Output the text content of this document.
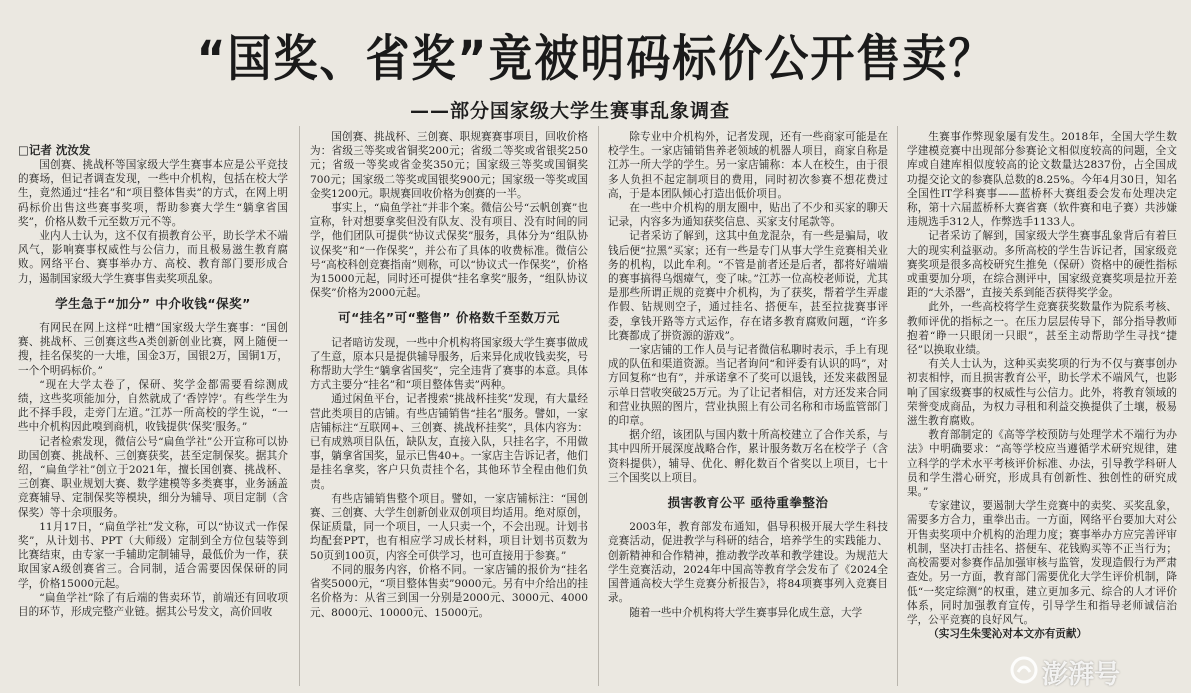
“国奖、省奖”竟被明码标价公开售卖？
——部分国家级大学生赛事乱象调查
□记者 沈汝发

国创赛、挑战杯等国家级大学生赛事本应是公平竞技的赛场，但记者调查发现，一些中介机构，包括在校大学生，竟然通过“挂名”和“项目整体售卖”的方式，在网上明码标价出售这些赛事奖项，帮助参赛大学生“躺拿省国奖”，价格从数千元至数万元不等。

业内人士认为，这不仅有损教育公平，助长学术不端风气，影响赛事权威性与公信力，而且极易滋生教育腐败。网络平台、赛事举办方、高校、教育部门要形成合力，遏制国家级大学生赛事售卖奖项乱象。

学生急于“加分” 中介收钱“保奖”

有网民在网上这样“吐槽”国家级大学生赛事：“国创赛、挑战杯、三创赛这些A类创新创业比赛，网上随便一搜，挂名保奖的一大堆，国金3万，国银2万，国铜1万，一个个明码标价。”

“现在大学太卷了，保研、奖学金都需要看综测成绩，这些奖项能加分，自然就成了‘香饽饽’。有些学生为此不择手段，走旁门左道。”江苏一所高校的学生说，“一些中介机构因此嗅到商机，收钱提供‘保奖’服务。”

记者检索发现，微信公号“扁鱼学社”公开宣称可以协助国创赛、挑战杯、三创赛获奖，甚至定制保奖。据其介绍，“扁鱼学社”创立于2021年，擅长国创赛、挑战杯、三创赛、职业规划大赛、数学建模等多类赛事，业务涵盖竞赛辅导、定制保奖等模块，细分为辅导、项目定制（含保奖）等十余项服务。

11月17日，“扁鱼学社”发文称，可以“协议式一作保奖”，从计划书、PPT（大师级）定制到全方位包装等到比赛结束，由专家一手辅助定制辅导，最低价为一作，获取国家A级创赛省三。合同制，适合需要因保保研的同学，价格15000元起。

“扁鱼学社”除了有后端的售卖环节，前端还有回收项目的环节，形成完整产业链。据其公号发文，高价回收

国创赛、挑战杯、三创赛、职规赛赛事项目，回收价格为：省级三等奖或省铜奖200元；省级二等奖或省银奖250元；省级一等奖或省金奖350元；国家级三等奖或国铜奖700元；国家级二等奖或国银奖900元；国家级一等奖或国金奖1200元。职规赛回收价格为创赛的一半。

事实上，“扁鱼学社”并非个案。微信公号“云帆创赛”也宣称，针对想要拿奖但没有队友、没有项目、没有时间的同学，他们团队可提供“协议式保奖”服务，具体分为“组队协议保奖”和“一作保奖”，并公布了具体的收费标准。微信公号“高校科创竞赛指南”则称，可以“协议式一作保奖”，价格为15000元起，同时还可提供“挂名拿奖”服务，“组队协议保奖”价格为2000元起。

可“挂名”可“整售” 价格数千至数万元

记者暗访发现，一些中介机构将国家级大学生赛事做成了生意，原本只是提供辅导服务，后来异化成收钱卖奖，号称帮助大学生“躺拿省国奖”，完全违背了赛事的本意。具体方式主要分“挂名”和“项目整体售卖”两种。

通过闲鱼平台，记者搜索“挑战杯挂奖”发现，有大量经营此类项目的店铺。有些店铺销售“挂名”服务。譬如，一家店铺标注“互联网+、三创赛、挑战杯挂奖”，具体内容为：已有成熟项目队伍，缺队友，直接入队，只挂名字，不用做事，躺拿省国奖，显示已售40+。一家店主告诉记者，他们是挂名拿奖，客户只负责挂个名，其他环节全程由他们负责。

有些店铺销售整个项目。譬如，一家店铺标注：“国创赛、三创赛、大学生创新创业双创项目均适用。绝对原创，保证质量，同一个项目，一人只卖一个，不会出现。计划书均配套PPT，也有相应学习成长材料，项目计划书页数为50页到100页，内容全可供学习，也可直接用于参赛。”

不同的服务内容，价格不同。一家店铺的报价为“挂名省奖5000元，“项目整体售卖”9000元。另有中介给出的挂名价格为：从省三到国一分别是2000元、3000元、4000元、8000元、10000元、15000元。

除专业中介机构外，记者发现，还有一些商家可能是在校学生。一家店铺销售养老领域的机器人项目，商家自称是江苏一所大学的学生。另一家店铺称：本人在校生，由于很多人负担不起定制项目的费用，同时初次参赛不想花费过高，于是本团队倾心打造出低价项目。

在一些中介机构的朋友圈中，贴出了不少和买家的聊天记录，内容多为通知获奖信息、买家支付尾款等。

记者采访了解到，这其中鱼龙混杂，有一些是骗局，收钱后便“拉黑”买家；还有一些是专门从事大学生竞赛相关业务的机构，以此牟利。“不管是前者还是后者，都将好端端的赛事搞得乌烟瘴气，变了味。”江苏一位高校老师说，尤其是那些所谓正规的竞赛中介机构，为了获奖，帮着学生弄虚作假、钻规则空子，通过挂名、搭便车，甚至拉拢赛事评委，拿钱开路等方式运作，存在诸多教育腐败问题，“许多比赛都成了拼资源的游戏”。

一家店铺的工作人员与记者微信私聊时表示，手上有现成的队伍和渠道资源。当记者询问“和评委有认识的吗”，对方回复称“也有”，并承诺拿不了奖可以退钱，还发来截图显示单日营收突破25万元。为了让记者相信，对方还发来合同和营业执照的图片，营业执照上有公司名称和市场监管部门的印章。

据介绍，该团队与国内数十所高校建立了合作关系，与其中四所开展深度战略合作，累计服务数万名在校学子（含资料提供），辅导、优化、孵化数百个省奖以上项目，七十三个国奖以上项目。

损害教育公平 亟待重拳整治

2003年，教育部发布通知，倡导积极开展大学生科技竞赛活动，促进教学与科研的结合，培养学生的实践能力、创新精神和合作精神，推动教学改革和教学建设。为规范大学生竞赛活动，2024年中国高等教育学会发布了《2024全国普通高校大学生竞赛分析报告》，将84项赛事列入竞赛目录。

随着一些中介机构将大学生赛事异化成生意，大学

生赛事作弊现象屡有发生。2018年，全国大学生数学建模竞赛中出现部分参赛论文相似度较高的问题，全文库或自建库相似度较高的论文数量达2837份，占全国成功提交论文的参赛队总数的8.25%。今年4月30日，知名全国性IT学科赛事——蓝桥杯大赛组委会发布处理决定称，第十六届蓝桥杯大赛省赛（软件赛和电子赛）共涉嫌违规选手312人，作弊选手1133人。

记者采访了解到，国家级大学生赛事乱象背后有着巨大的现实利益驱动。多所高校的学生告诉记者，国家级竞赛奖项是很多高校研究生推免（保研）资格中的硬性指标或重要加分项，在综合测评中，国家级竞赛奖项是拉开差距的“大杀器”，直接关系到能否获得奖学金。

此外，一些高校将学生竞赛获奖数量作为院系考核、教师评优的指标之一。在压力层层传导下，部分指导教师抱着“睁一只眼闭一只眼”，甚至主动帮助学生寻找“捷径”以换取业绩。

有关人士认为，这种买卖奖项的行为不仅与赛事创办初衷相悖，而且损害教育公平，助长学术不端风气，也影响了国家级赛事的权威性与公信力。此外，将教育领域的荣誉变成商品，为权力寻租和利益交换提供了土壤，极易滋生教育腐败。

教育部制定的《高等学校预防与处理学术不端行为办法》中明确要求：“高等学校应当遵循学术研究规律，建立科学的学术水平考核评价标准、办法，引导教学科研人员和学生潜心研究，形成具有创新性、独创性的研究成果。”

专家建议，要遏制大学生竞赛中的卖奖、买奖乱象，需要多方合力，重拳出击。一方面，网络平台要加大对公开售卖奖项中介机构的治理力度；赛事举办方应完善评审机制，坚决打击挂名、搭便车、花钱购买等不正当行为；高校需要对参赛作品加强审核与监管，发现造假行为严肃查处。另一方面，教育部门需要优化大学生评价机制，降低“一奖定综测”的权重，建立更加多元、综合的人才评价体系，同时加强教育宣传，引导学生和指导老师诚信治学，公平竞赛的良好风气。

（实习生朱雯沁对本文亦有贡献）

澎湃号
